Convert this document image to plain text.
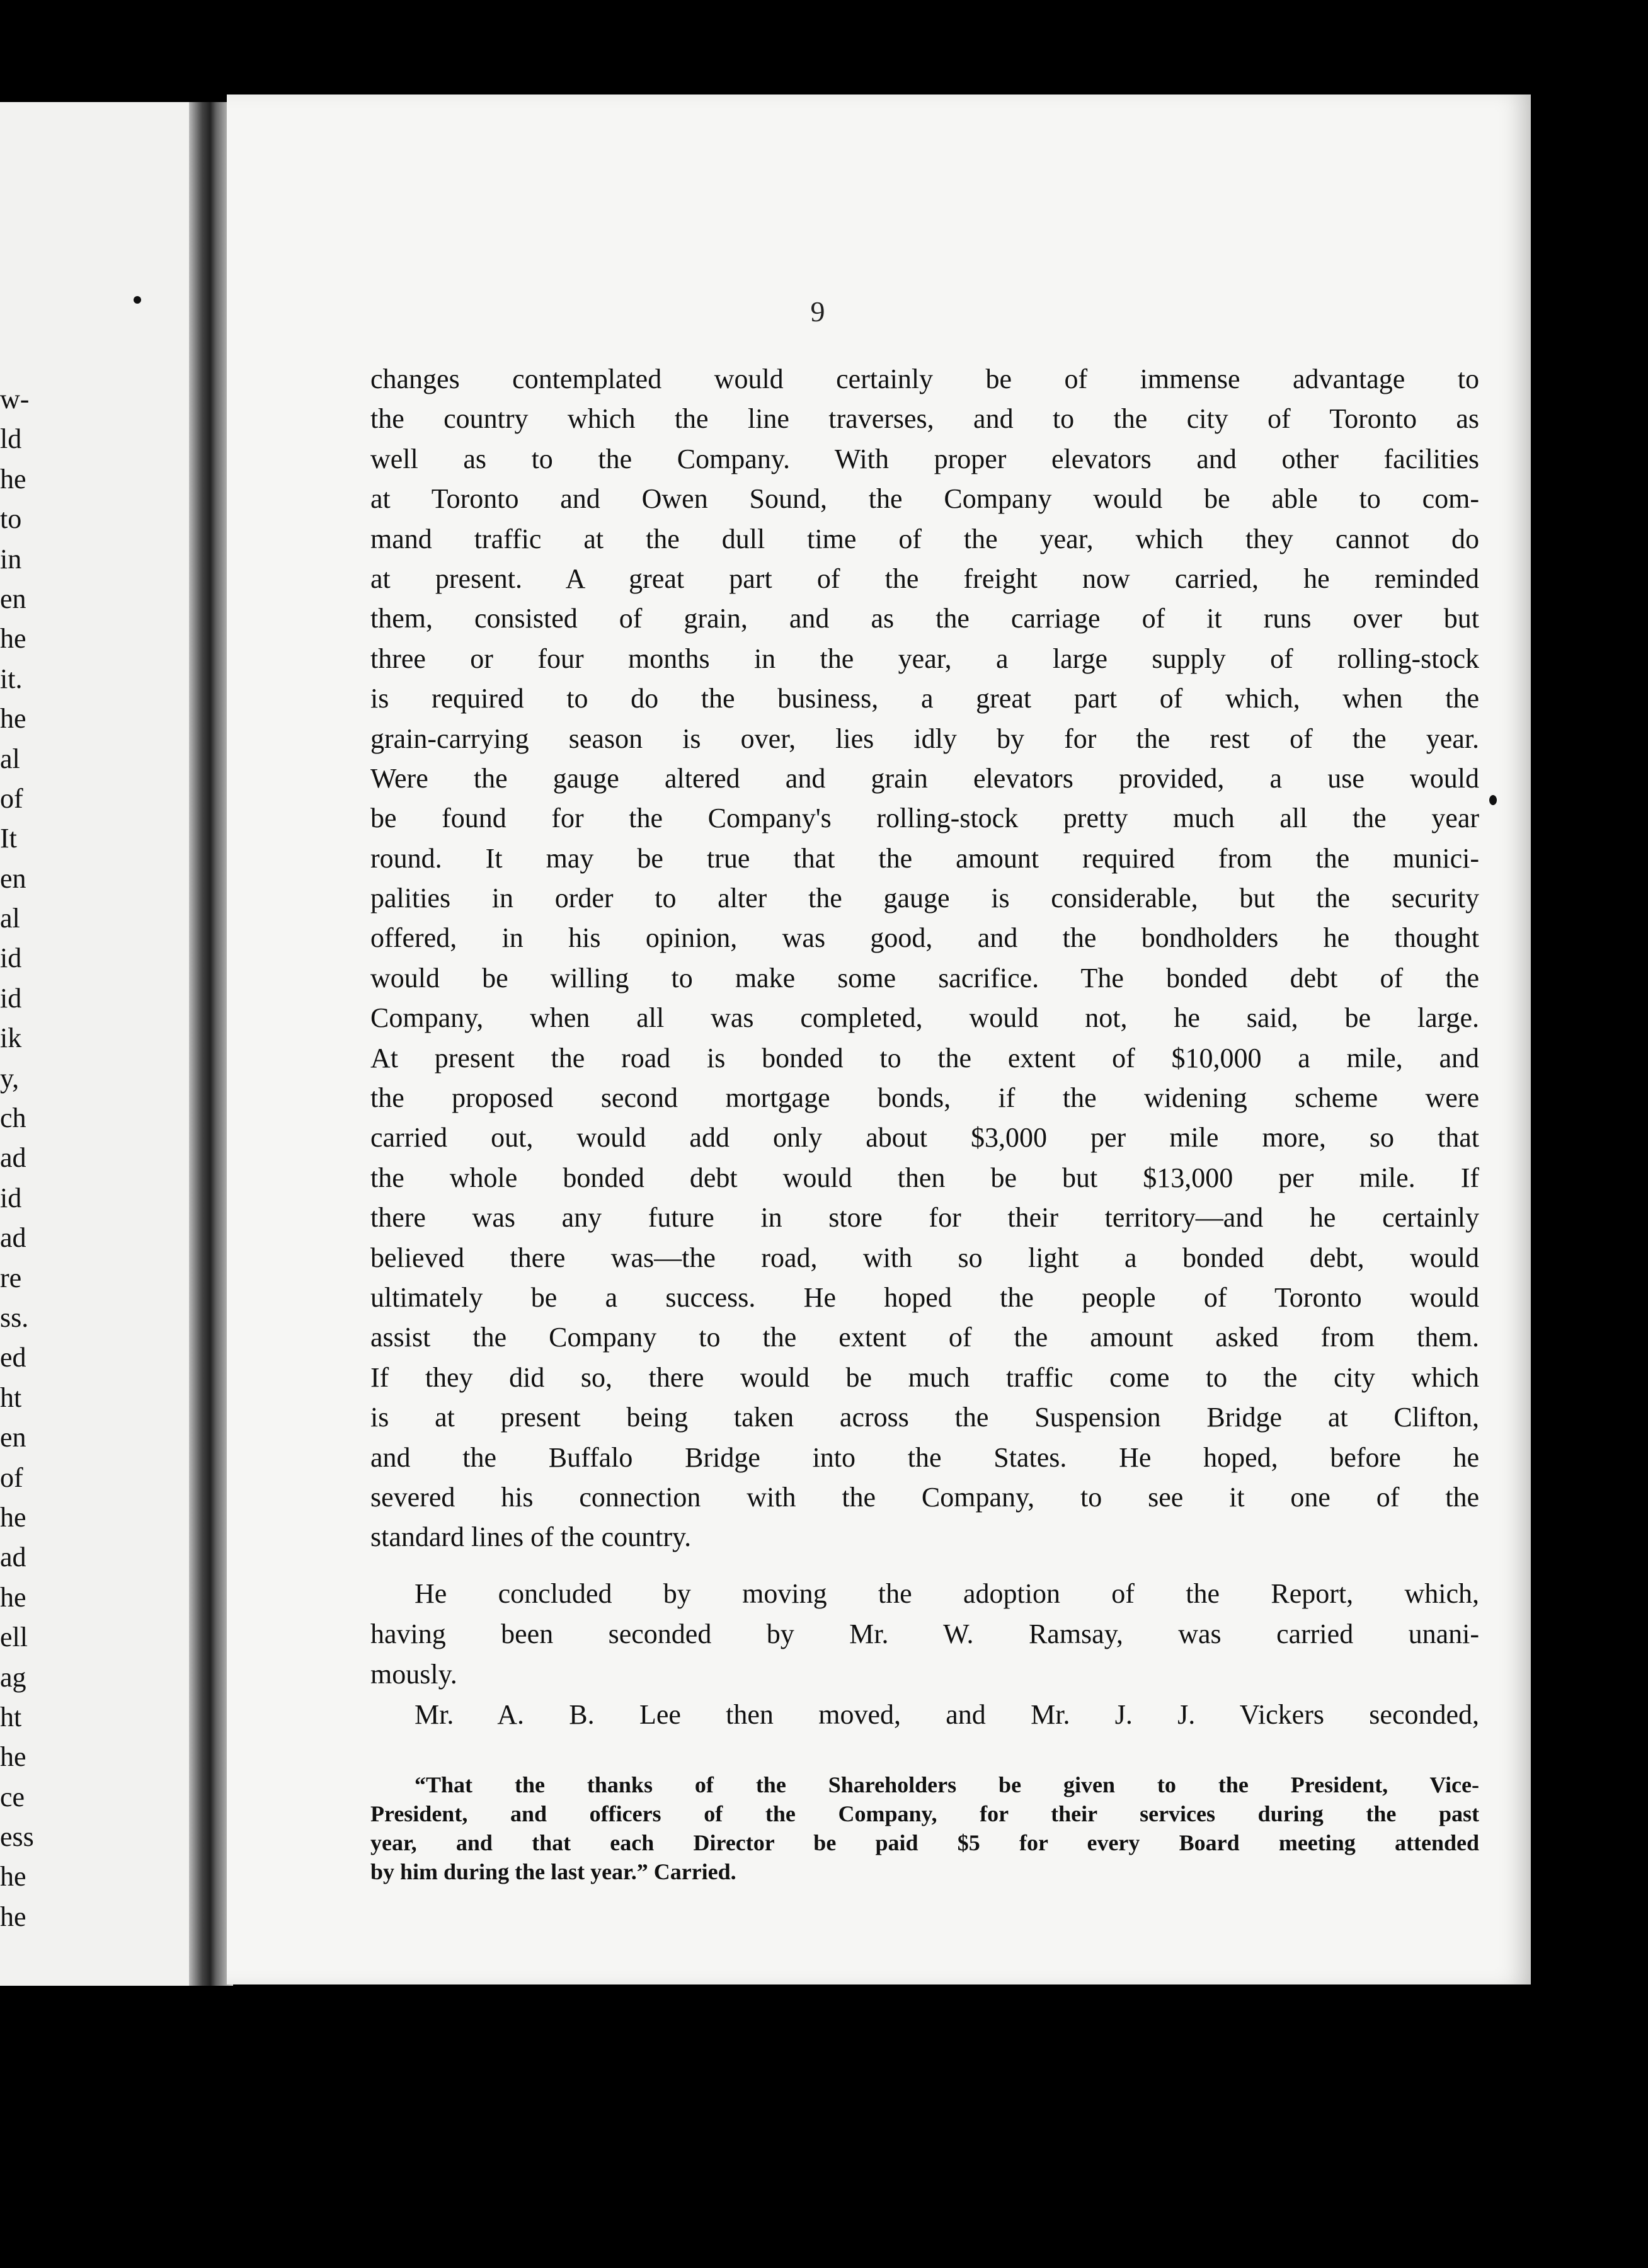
w-
ld
he
to
in
en
he
it.
he
al
of
It
en
al
id
id
ik
y,
ch
ad
id
ad
re
ss.
ed
ht
en
of
he
ad
he
ell
ag
ht
he
ce
ess
he
he
9
changes contemplated would certainly be of immense advantage to
the country which the line traverses, and to the city of Toronto as
well as to the Company. With proper elevators and other facilities
at Toronto and Owen Sound, the Company would be able to com-
mand traffic at the dull time of the year, which they cannot do
at present. A great part of the freight now carried, he reminded
them, consisted of grain, and as the carriage of it runs over but
three or four months in the year, a large supply of rolling-stock
is required to do the business, a great part of which, when the
grain-carrying season is over, lies idly by for the rest of the year.
Were the gauge altered and grain elevators provided, a use would
be found for the Company's rolling-stock pretty much all the year
round. It may be true that the amount required from the munici-
palities in order to alter the gauge is considerable, but the security
offered, in his opinion, was good, and the bondholders he thought
would be willing to make some sacrifice. The bonded debt of the
Company, when all was completed, would not, he said, be large.
At present the road is bonded to the extent of $10,000 a mile, and
the proposed second mortgage bonds, if the widening scheme were
carried out, would add only about $3,000 per mile more, so that
the whole bonded debt would then be but $13,000 per mile. If
there was any future in store for their territory—and he certainly
believed there was—the road, with so light a bonded debt, would
ultimately be a success. He hoped the people of Toronto would
assist the Company to the extent of the amount asked from them.
If they did so, there would be much traffic come to the city which
is at present being taken across the Suspension Bridge at Clifton,
and the Buffalo Bridge into the States. He hoped, before he
severed his connection with the Company, to see it one of the
standard lines of the country.
He concluded by moving the adoption of the Report, which,
having been seconded by Mr. W. Ramsay, was carried unani-
mously.
Mr. A. B. Lee then moved, and Mr. J. J. Vickers seconded,
“That the thanks of the Shareholders be given to the President, Vice-
President, and officers of the Company, for their services during the past
year, and that each Director be paid $5 for every Board meeting attended
by him during the last year.” Carried.
